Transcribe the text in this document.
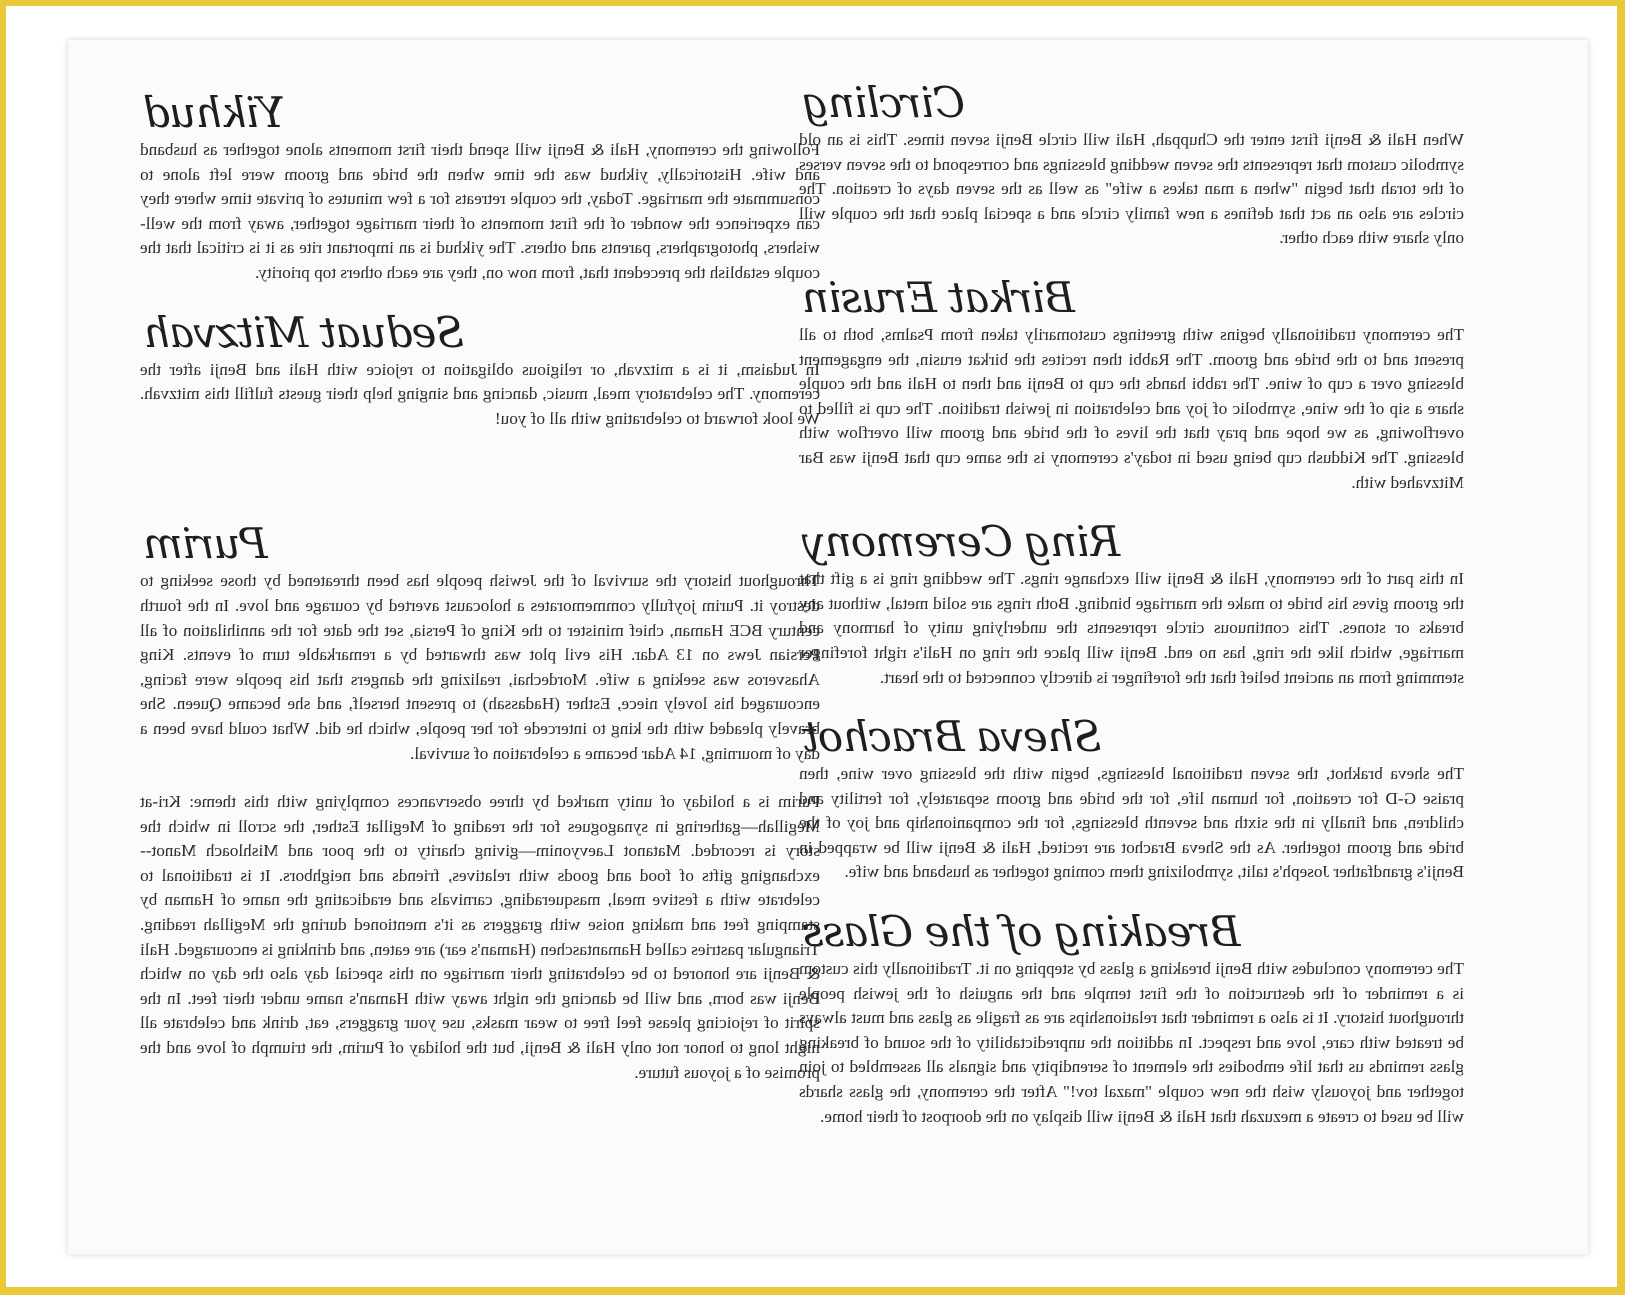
Circling

When Hali & Benji first enter the Chuppah, Hali will circle Benji seven times. This is an old symbolic custom that represents the seven wedding blessings and correspond to the seven verses of the torah that begin "when a man takes a wife" as well as the seven days of creation. The circles are also an act that defines a new family circle and a special place that the couple will only share with each other.

Birkat Erusin

The ceremony traditionally begins with greetings customarily taken from Psalms, both to all present and to the bride and groom. The Rabbi then recites the birkat erusin, the engagement blessing over a cup of wine. The rabbi hands the cup to Benji and then to Hali and the couple share a sip of the wine, symbolic of joy and celebration in jewish tradition. The cup is filled to overflowing, as we hope and pray that the lives of the bride and groom will overflow with blessing. The Kiddush cup being used in today's ceremony is the same cup that Benji was Bar Mitzvahed with.

Ring Ceremony

In this part of the ceremony, Hali & Benji will exchange rings. The wedding ring is a gift that the groom gives his bride to make the marriage binding. Both rings are solid metal, without any breaks or stones. This continuous circle represents the underlying unity of harmony and marriage, which like the ring, has no end. Benji will place the ring on Hali's right forefinger stemming from an ancient belief that the forefinger is directly connected to the heart.

Sheva Brachot

The sheva brakhot, the seven traditional blessings, begin with the blessing over wine, then praise G-D for creation, for human life, for the bride and groom separately, for fertility and children, and finally in the sixth and seventh blessings, for the companionship and joy of the bride and groom together. As the Sheva Brachot are recited, Hali & Benji will be wrapped in Benji's grandfather Joseph's talit, symbolizing them coming together as husband and wife.

Breaking of the Glass

The ceremony concludes with Benji breaking a glass by stepping on it. Traditionally this custom is a reminder of the destruction of the first temple and the anguish of the jewish people throughout history. It is also a reminder that relationships are as fragile as glass and must always be treated with care, love and respect. In addition the unpredictability of the sound of breaking glass reminds us that life embodies the element of serendipity and signals all assembled to join together and joyously wish the new couple "mazal tov!" After the ceremony, the glass shards will be used to create a mezuzah that Hali & Benji will display on the doorpost of their home.

Yikhud

Following the ceremony, Hali & Benji will spend their first moments alone together as husband and wife. Historically, yikhud was the time when the bride and groom were left alone to consummate the marriage. Today, the couple retreats for a few minutes of private time where they can experience the wonder of the first moments of their marriage together, away from the well-wishers, photographers, parents and others. The yikhud is an important rite as it is critical that the couple establish the precedent that, from now on, they are each others top priority.

Seduat Mitzvah

In Judaism, it is a mitzvah, or religious obligation to rejoice with Hali and Benji after the ceremony. The celebratory meal, music, dancing and singing help their guests fulfill this mitzvah. We look forward to celebrating with all of you!

Purim

Throughout history the survival of the Jewish people has been threatened by those seeking to destroy it. Purim joyfully commemorates a holocaust averted by courage and love. In the fourth century BCE Haman, chief minister to the King of Persia, set the date for the annihilation of all Persian Jews on 13 Adar. His evil plot was thwarted by a remarkable turn of events. King Ahasveros was seeking a wife. Mordechai, realizing the dangers that his people were facing, encouraged his lovely niece, Esther (Hadassah) to present herself, and she became Queen. She bravely pleaded with the king to intercede for her people, which he did. What could have been a day of mourning, 14 Adar became a celebration of survival.

Purim is a holiday of unity marked by three observances complying with this theme: Kri-at Megillah—gathering in synagogues for the reading of Megillat Esther, the scroll in which the story is recorded. Matanot Laevyonim—giving charity to the poor and Mishloach Manot--exchanging gifts of food and goods with relatives, friends and neighbors. It is traditional to celebrate with a festive meal, masquerading, carnivals and eradicating the name of Haman by stamping feet and making noise with graggers as it's mentioned during the Megillah reading. Triangular pastries called Hamantaschen (Haman's ear) are eaten, and drinking is encouraged. Hali & Benji are honored to be celebrating their marriage on this special day also the day on which Benji was born, and will be dancing the night away with Haman's name under their feet. In the spirit of rejoicing please feel free to wear masks, use your graggers, eat, drink and celebrate all night long to honor not only Hali & Benji, but the holiday of Purim, the triumph of love and the promise of a joyous future.
